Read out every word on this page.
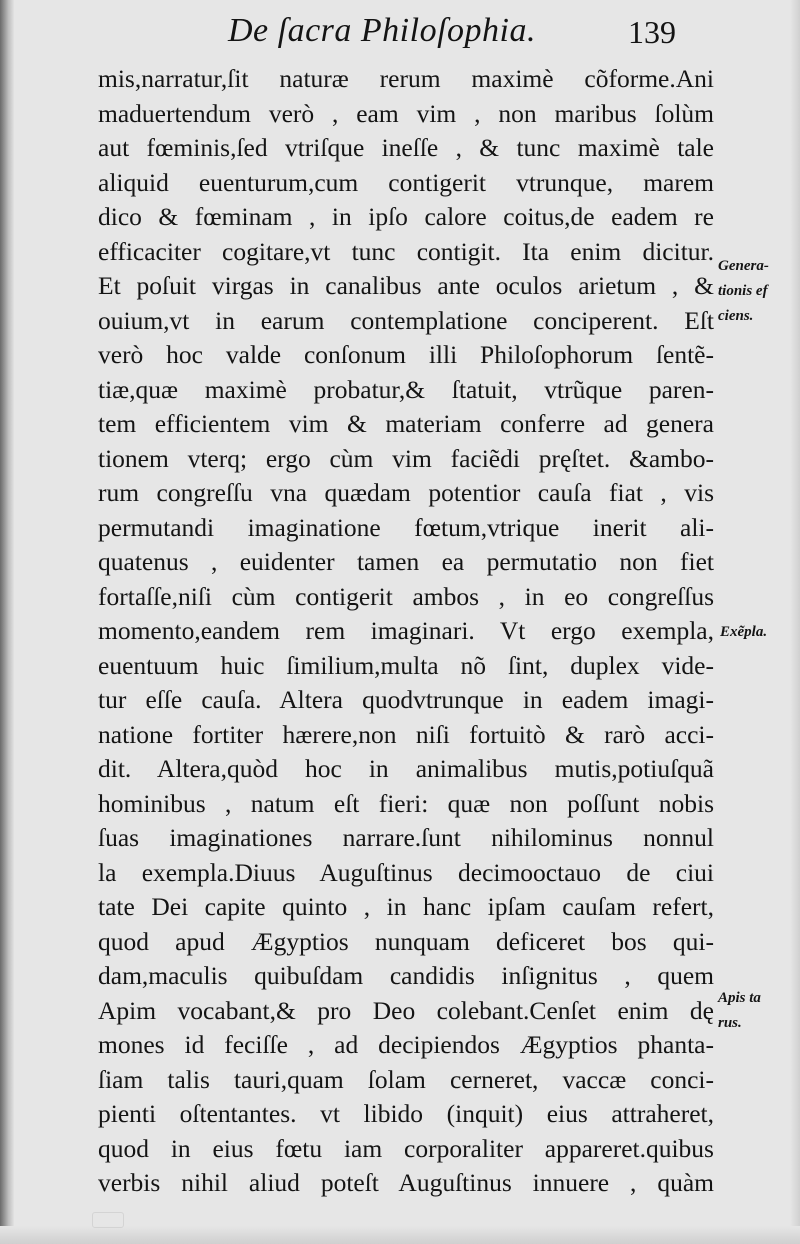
De ſacra Philoſophia.	139
mis,narratur,ſit naturæ rerum maximè cõforme.Ani
maduertendum verò , eam vim , non maribus ſolùm
aut fœminis,ſed vtriſque ineſſe , & tunc maximè tale
aliquid euenturum,cum contigerit vtrunque, marem
dico & fœminam , in ipſo calore coitus,de eadem re
efficaciter cogitare,vt tunc contigit. Ita enim dicitur.
Et poſuit virgas in canalibus ante oculos arietum , &
ouium,vt in earum contemplatione conciperent. Eſt
verò hoc valde conſonum illi Philoſophorum ſentẽ-
tiæ,quæ maximè probatur,& ſtatuit, vtrũque paren-
tem efficientem vim & materiam conferre ad genera
tionem vterq; ergo cùm vim faciẽdi pręſtet. &ambo-
rum congreſſu vna quædam potentior cauſa fiat , vis
permutandi imaginatione fœtum,vtrique inerit ali-
quatenus , euidenter tamen ea permutatio non fiet
fortaſſe,niſi cùm contigerit ambos , in eo congreſſus
momento,eandem rem imaginari. Vt ergo exempla,
euentuum huic ſimilium,multa nõ ſint, duplex vide-
tur eſſe cauſa. Altera quodvtrunque in eadem imagi-
natione fortiter hærere,non niſi fortuitò & rarò acci-
dit. Altera,quòd hoc in animalibus mutis,potiuſquã
hominibus , natum eſt fieri: quæ non poſſunt nobis
ſuas imaginationes narrare.ſunt nihilominus nonnul
la exempla.Diuus Auguſtinus decimooctauo de ciui
tate Dei capite quinto , in hanc ipſam cauſam refert,
quod apud Ægyptios nunquam deficeret bos qui-
dam,maculis quibuſdam candidis inſignitus , quem
Apim vocabant,& pro Deo colebant.Cenſet enim dę
mones id feciſſe , ad decipiendos Ægyptios phanta-
ſiam talis tauri,quam ſolam cerneret, vaccæ conci-
pienti oſtentantes. vt libido (inquit) eius attraheret,
quod in eius fœtu iam corporaliter appareret.quibus
verbis nihil aliud poteſt Auguſtinus innuere , quàm
Genera-
tionis ef
ciens.
Exẽpla.
Apis ta
rus.
